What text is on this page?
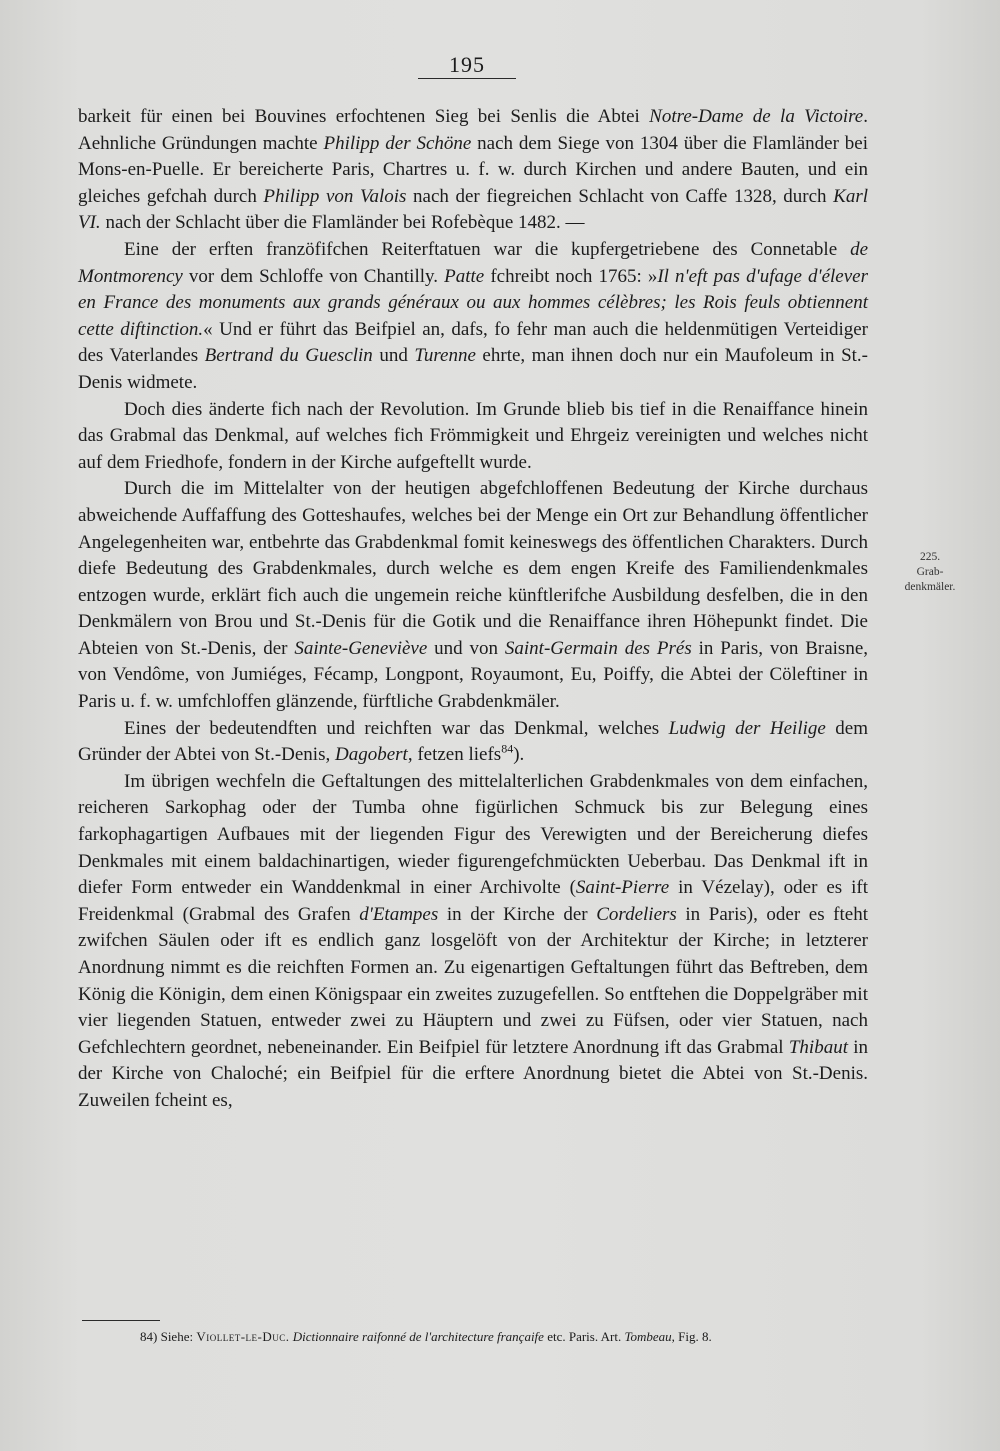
195

barkeit für einen bei Bouvines erfochtenen Sieg bei Senlis die Abtei Notre-Dame de la Victoire. Aehnliche Gründungen machte Philipp der Schöne nach dem Siege von 1304 über die Flamländer bei Mons-en-Puelle. Er bereicherte Paris, Chartres u. f. w. durch Kirchen und andere Bauten, und ein gleiches gefchah durch Philipp von Valois nach der fiegreichen Schlacht von Caffe 1328, durch Karl VI. nach der Schlacht über die Flamländer bei Rofebèque 1482. —

Eine der erften franzöfifchen Reiterftatuen war die kupfergetriebene des Connetable de Montmorency vor dem Schloffe von Chantilly. Patte fchreibt noch 1765: »Il n'eft pas d'ufage d'élever en France des monuments aux grands généraux ou aux hommes célèbres; les Rois feuls obtiennent cette diftinction.« Und er führt das Beifpiel an, dafs, fo fehr man auch die heldenmütigen Verteidiger des Vaterlandes Bertrand du Guesclin und Turenne ehrte, man ihnen doch nur ein Maufoleum in St.-Denis widmete.

Doch dies änderte fich nach der Revolution. Im Grunde blieb bis tief in die Renaiffance hinein das Grabmal das Denkmal, auf welches fich Frömmigkeit und Ehrgeiz vereinigten und welches nicht auf dem Friedhofe, fondern in der Kirche aufgeftellt wurde.

Durch die im Mittelalter von der heutigen abgefchloffenen Bedeutung der Kirche durchaus abweichende Auffaffung des Gotteshaufes, welches bei der Menge ein Ort zur Behandlung öffentlicher Angelegenheiten war, entbehrte das Grabdenkmal fomit keineswegs des öffentlichen Charakters. Durch diefe Bedeutung des Grabdenkmales, durch welche es dem engen Kreife des Familiendenkmales entzogen wurde, erklärt fich auch die ungemein reiche künftlerifche Ausbildung desfelben, die in den Denkmälern von Brou und St.-Denis für die Gotik und die Renaiffance ihren Höhepunkt findet. Die Abteien von St.-Denis, der Sainte-Geneviève und von Saint-Germain des Prés in Paris, von Braisne, von Vendôme, von Jumiéges, Fécamp, Longpont, Royaumont, Eu, Poiffy, die Abtei der Cöleftiner in Paris u. f. w. umfchloffen glänzende, fürftliche Grabdenkmäler.

Eines der bedeutendften und reichften war das Denkmal, welches Ludwig der Heilige dem Gründer der Abtei von St.-Denis, Dagobert, fetzen liefs$^{84}$).

Im übrigen wechfeln die Geftaltungen des mittelalterlichen Grabdenkmales von dem einfachen, reicheren Sarkophag oder der Tumba ohne figürlichen Schmuck bis zur Belegung eines farkophagartigen Aufbaues mit der liegenden Figur des Verewigten und der Bereicherung diefes Denkmales mit einem baldachinartigen, wieder figurengefchmückten Ueberbau. Das Denkmal ift in diefer Form entweder ein Wanddenkmal in einer Archivolte (Saint-Pierre in Vézelay), oder es ift Freidenkmal (Grabmal des Grafen d'Etampes in der Kirche der Cordeliers in Paris), oder es fteht zwifchen Säulen oder ift es endlich ganz losgelöft von der Architektur der Kirche; in letzterer Anordnung nimmt es die reichften Formen an. Zu eigenartigen Geftaltungen führt das Beftreben, dem König die Königin, dem einen Königspaar ein zweites zuzugefellen. So entftehen die Doppelgräber mit vier liegenden Statuen, entweder zwei zu Häuptern und zwei zu Füfsen, oder vier Statuen, nach Gefchlechtern geordnet, nebeneinander. Ein Beifpiel für letztere Anordnung ift das Grabmal Thibaut in der Kirche von Chaloché; ein Beifpiel für die erftere Anordnung bietet die Abtei von St.-Denis. Zuweilen fcheint es,

225.
Grab-
denkmäler.
84) Siehe: Viollet-le-Duc. Dictionnaire raifonné de l'architecture françaife etc. Paris. Art. Tombeau, Fig. 8.
